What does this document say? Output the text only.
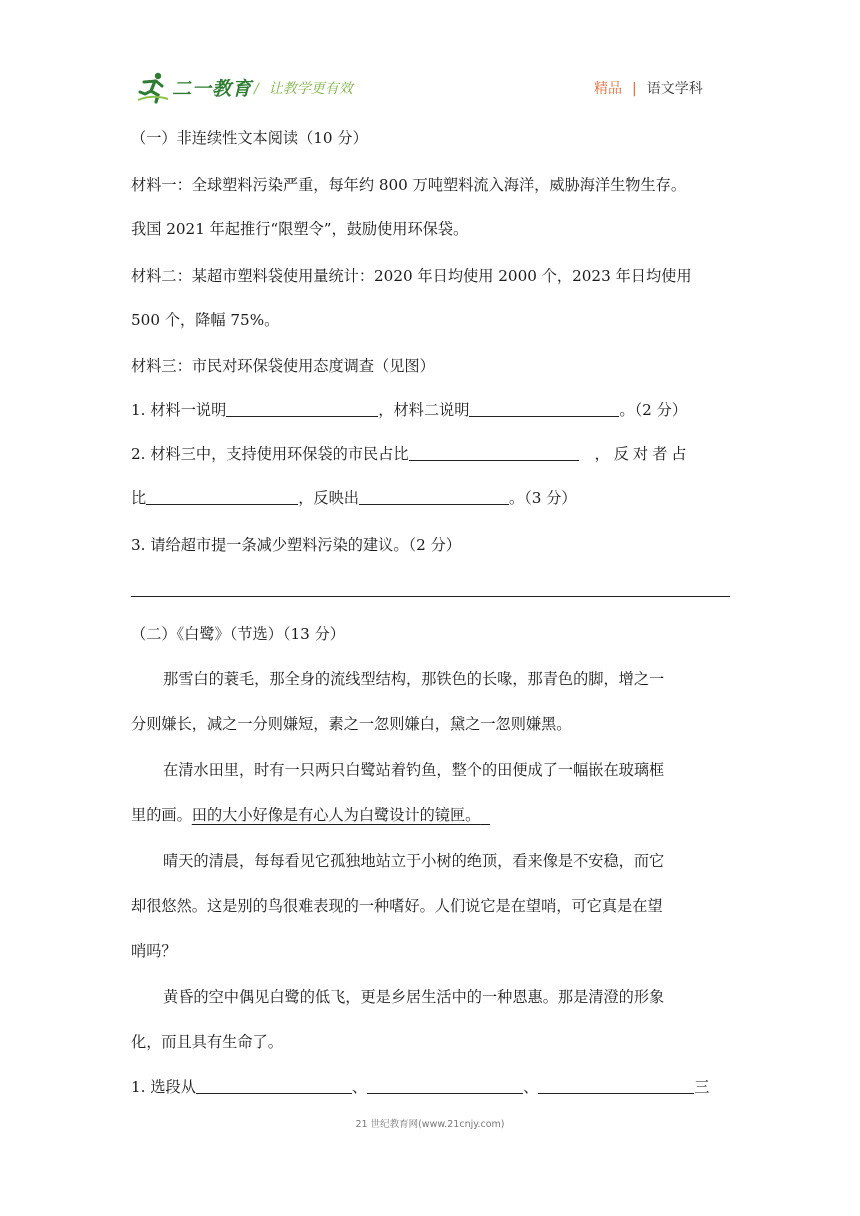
二一教育 / 让教学更有效	精品 | 语文学科
（一）非连续性文本阅读（10 分）
材料一：全球塑料污染严重，每年约 800 万吨塑料流入海洋，威胁海洋生物生存。
我国 2021 年起推行“限塑令”，鼓励使用环保袋。
材料二：某超市塑料袋使用量统计：2020 年日均使用 2000 个，2023 年日均使用
500 个，降幅 75%。
材料三：市民对环保袋使用态度调查（见图）
1. 材料一说明	，材料二说明	。（2 分）
2. 材料三中，支持使用环保袋的市民占比	，反对者占
比	，反映出	。（3 分）
3. 请给超市提一条减少塑料污染的建议。（2 分）
（二）《白鹭》（节选）（13 分）
那雪白的蓑毛，那全身的流线型结构，那铁色的长喙，那青色的脚，增之一
分则嫌长，减之一分则嫌短，素之一忽则嫌白，黛之一忽则嫌黑。
在清水田里，时有一只两只白鹭站着钓鱼，整个的田便成了一幅嵌在玻璃框
里的画。田的大小好像是有心人为白鹭设计的镜匣。
晴天的清晨，每每看见它孤独地站立于小树的绝顶，看来像是不安稳，而它
却很悠然。这是别的鸟很难表现的一种嗜好。人们说它是在望哨，可它真是在望
哨吗？
黄昏的空中偶见白鹭的低飞，更是乡居生活中的一种恩惠。那是清澄的形象
化，而且具有生命了。
1. 选段从	、	、	三
21 世纪教育网(www.21cnjy.com)
